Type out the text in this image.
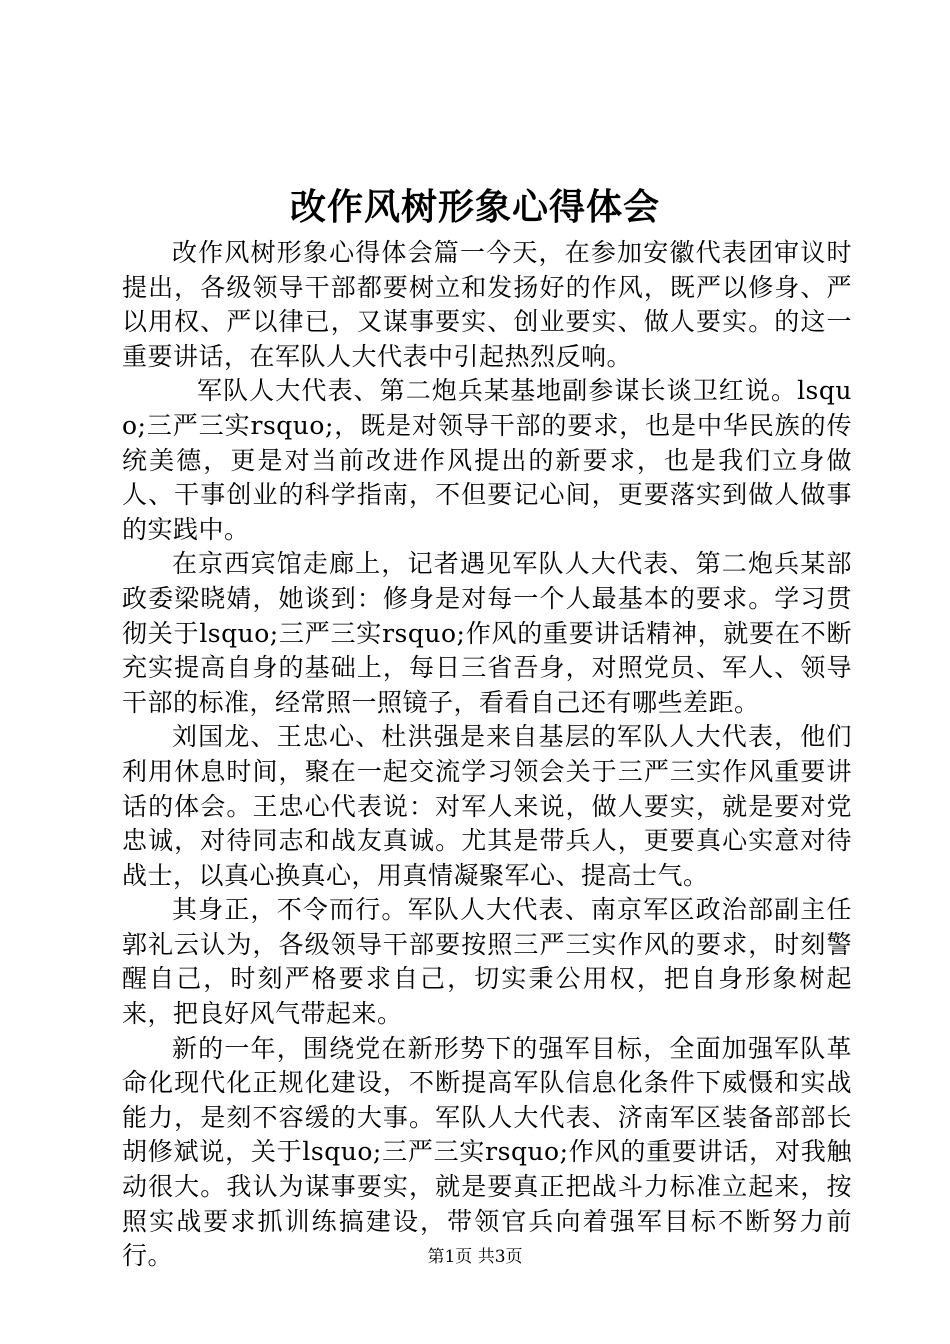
改作风树形象心得体会

改作风树形象心得体会篇一今天，在参加安徽代表团审议时提出，各级领导干部都要树立和发扬好的作风，既严以修身、严以用权、严以律已，又谋事要实、创业要实、做人要实。的这一重要讲话，在军队人大代表中引起热烈反响。

军队人大代表、第二炮兵某基地副参谋长谈卫红说。lsquo;三严三实rsquo;，既是对领导干部的要求，也是中华民族的传统美德，更是对当前改进作风提出的新要求，也是我们立身做人、干事创业的科学指南，不但要记心间，更要落实到做人做事的实践中。

在京西宾馆走廊上，记者遇见军队人大代表、第二炮兵某部政委梁晓婧，她谈到：修身是对每一个人最基本的要求。学习贯彻关于lsquo;三严三实rsquo;作风的重要讲话精神，就要在不断充实提高自身的基础上，每日三省吾身，对照党员、军人、领导干部的标准，经常照一照镜子，看看自己还有哪些差距。

刘国龙、王忠心、杜洪强是来自基层的军队人大代表，他们利用休息时间，聚在一起交流学习领会关于三严三实作风重要讲话的体会。王忠心代表说：对军人来说，做人要实，就是要对党忠诚，对待同志和战友真诚。尤其是带兵人，更要真心实意对待战士，以真心换真心，用真情凝聚军心、提高士气。

其身正，不令而行。军队人大代表、南京军区政治部副主任郭礼云认为，各级领导干部要按照三严三实作风的要求，时刻警醒自己，时刻严格要求自己，切实秉公用权，把自身形象树起来，把良好风气带起来。

新的一年，围绕党在新形势下的强军目标，全面加强军队革命化现代化正规化建设，不断提高军队信息化条件下威慑和实战能力，是刻不容缓的大事。军队人大代表、济南军区装备部部长胡修斌说，关于lsquo;三严三实rsquo;作风的重要讲话，对我触动很大。我认为谋事要实，就是要真正把战斗力标准立起来，按照实战要求抓训练搞建设，带领官兵向着强军目标不断努力前行。	第1页 共3页
